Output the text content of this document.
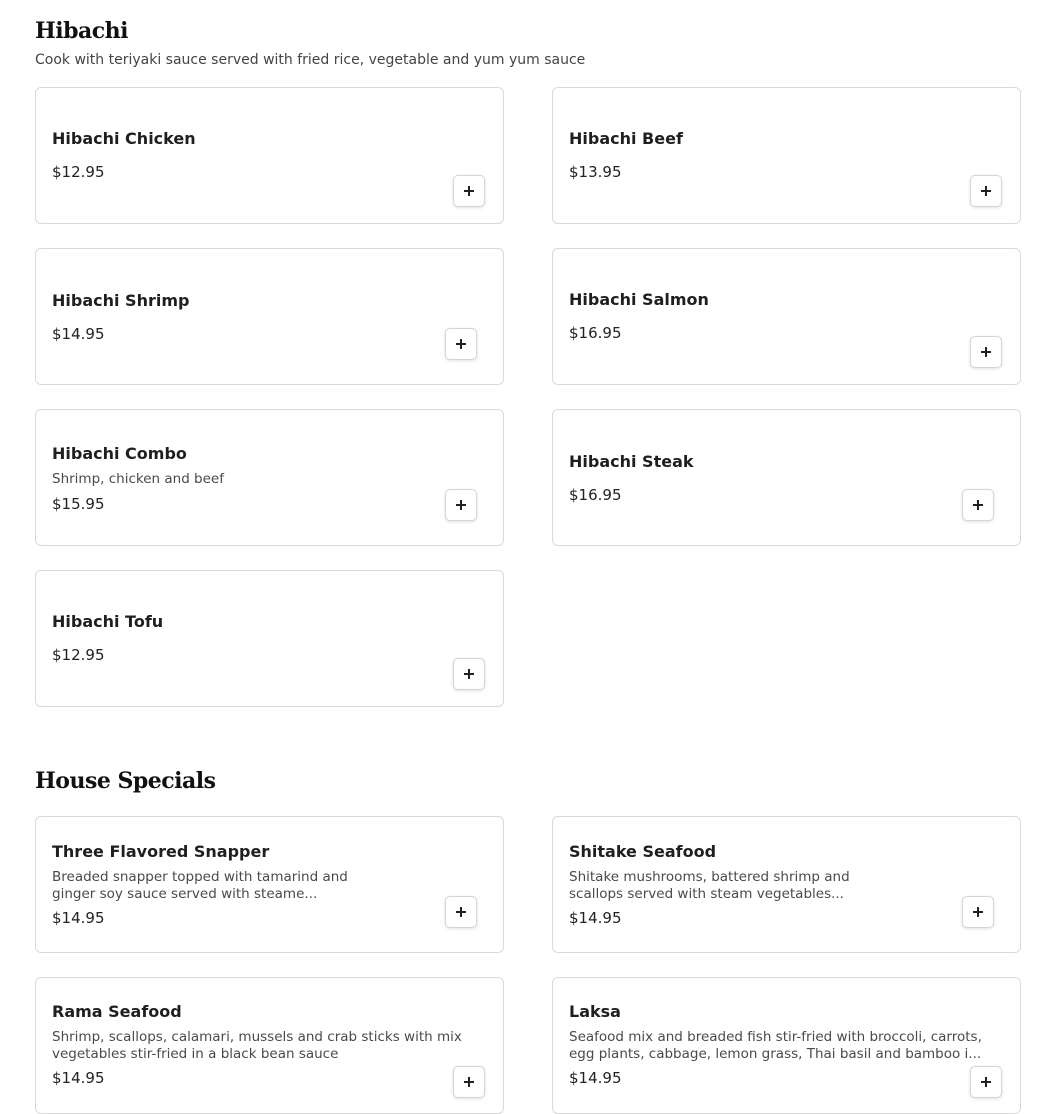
Hibachi

Cook with teriyaki sauce served with fried rice, vegetable and yum yum sauce

Hibachi Chicken
$12.95
Hibachi Beef
$13.95
Hibachi Shrimp
$14.95
Hibachi Salmon
$16.95
Hibachi Combo
Shrimp, chicken and beef
$15.95
Hibachi Steak
$16.95
Hibachi Tofu
$12.95
House Specials
Three Flavored Snapper
Breaded snapper topped with tamarind and ginger soy sauce served with steame...
$14.95
Shitake Seafood
Shitake mushrooms, battered shrimp and scallops served with steam vegetables...
$14.95
Rama Seafood
Shrimp, scallops, calamari, mussels and crab sticks with mix vegetables stir-fried in a black bean sauce
$14.95
Laksa
Seafood mix and breaded fish stir-fried with broccoli, carrots, egg plants, cabbage, lemon grass, Thai basil and bamboo i...
$14.95
